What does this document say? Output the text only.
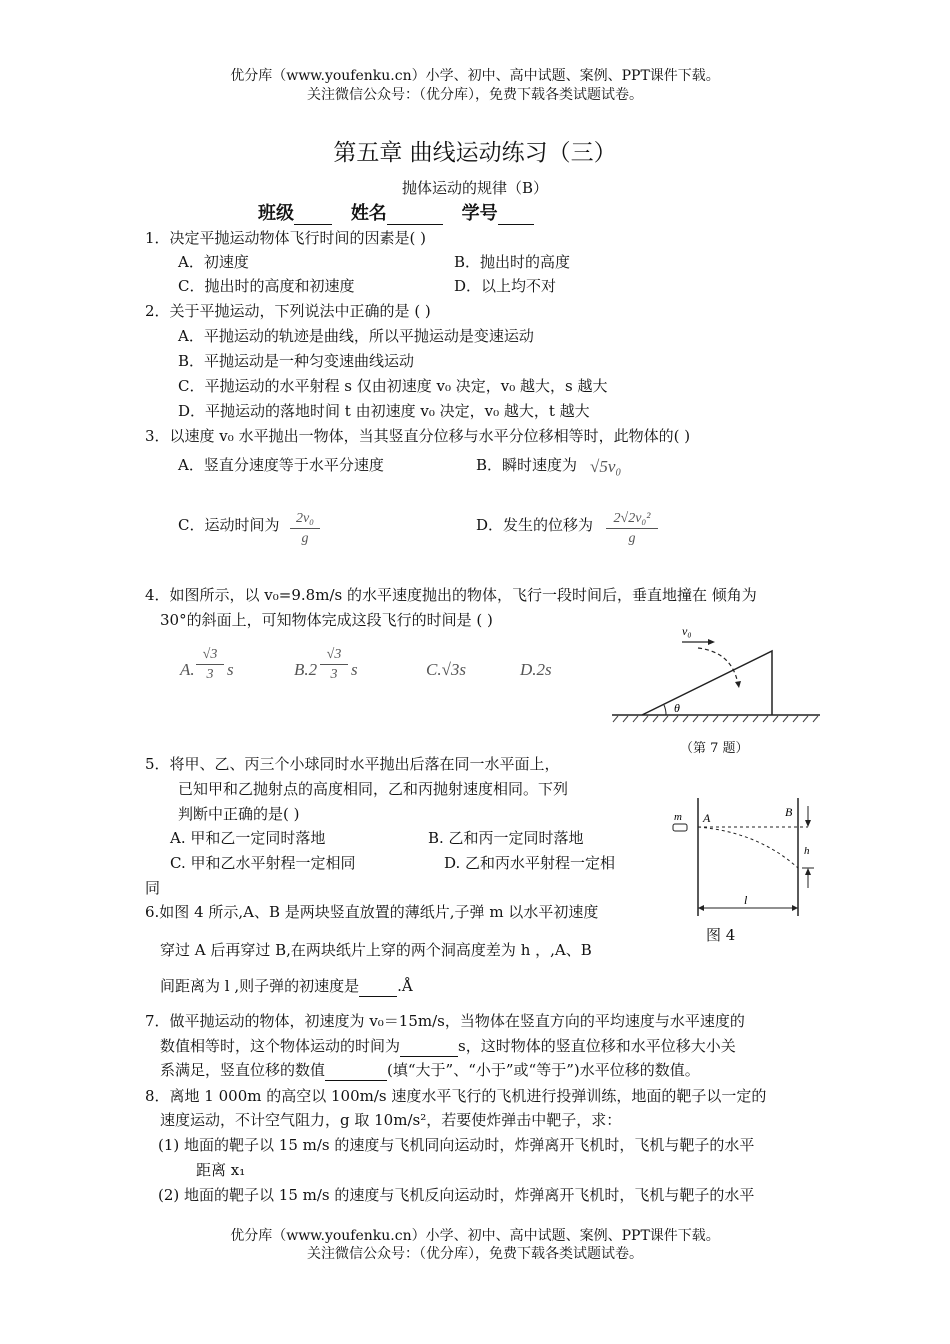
优分库（www.youfenku.cn）小学、初中、高中试题、案例、PPT课件下载。
关注微信公众号：（优分库），免费下载各类试题试卷。
第五章 曲线运动练习（三）
抛体运动的规律（B）
班级	姓名	学号
1．决定平抛运动物体飞行时间的因素是( )
A．初速度	B．抛出时的高度
C．抛出时的高度和初速度	D．以上均不对
2．关于平抛运动，下列说法中正确的是 ( )
A．平抛运动的轨迹是曲线，所以平抛运动是变速运动
B．平抛运动是一种匀变速曲线运动
C．平抛运动的水平射程 s 仅由初速度 v₀ 决定，v₀ 越大，s 越大
D．平抛运动的落地时间 t 由初速度 v₀ 决定，v₀ 越大，t 越大
3．以速度 v₀ 水平抛出一物体，当其竖直分位移与水平分位移相等时，此物体的( )
A．竖直分速度等于水平分速度	B．瞬时速度为 √5v₀
C．运动时间为 $\frac{\text{2v₀}}{g}$	D．发生的位移为 $\frac{\text{2√2v₀²}}{g}$
4．如图所示，以 v₀=9.8m/s 的水平速度抛出的物体，飞行一段时间后，垂直地撞在 倾角为
30°的斜面上，可知物体完成这段飞行的时间是 ( )
A. $\frac{√3}{3}$ s	$B.2 \frac{√3}{3}$ s	C.√3s	D.2s
θ
v₀
（第 7 题）
5．将甲、乙、丙三个小球同时水平抛出后落在同一水平面上，
已知甲和乙抛射点的高度相同，乙和丙抛射速度相同。下列
判断中正确的是( )
A. 甲和乙一定同时落地	B. 乙和丙一定同时落地
C. 甲和乙水平射程一定相同	D. 乙和丙水平射程一定相
同
6.如图 4 所示,A、B 是两块竖直放置的薄纸片,子弹 m 以水平初速度
穿过 A 后再穿过 B,在两块纸片上穿的两个洞高度差为 h ，,A、B
间距离为 l ,则子弹的初速度是	.Å
m A	B
h
l
图 4
7．做平抛运动的物体，初速度为 v₀＝15m/s，当物体在竖直方向的平均速度与水平速度的
数值相等时，这个物体运动的时间为	s，这时物体的竖直位移和水平位移大小关
系满足，竖直位移的数值	(填“大于”、“小于”或“等于”)水平位移的数值。
8．离地 1 000m 的高空以 100m/s 速度水平飞行的飞机进行投弹训练，地面的靶子以一定的
速度运动，不计空气阻力，g 取 10m/s²，若要使炸弹击中靶子，求：
(1) 地面的靶子以 15 m/s 的速度与飞机同向运动时，炸弹离开飞机时，飞机与靶子的水平
距离 x₁
(2) 地面的靶子以 15 m/s 的速度与飞机反向运动时，炸弹离开飞机时，飞机与靶子的水平
优分库（www.youfenku.cn）小学、初中、高中试题、案例、PPT课件下载。
关注微信公众号：（优分库），免费下载各类试题试卷。
